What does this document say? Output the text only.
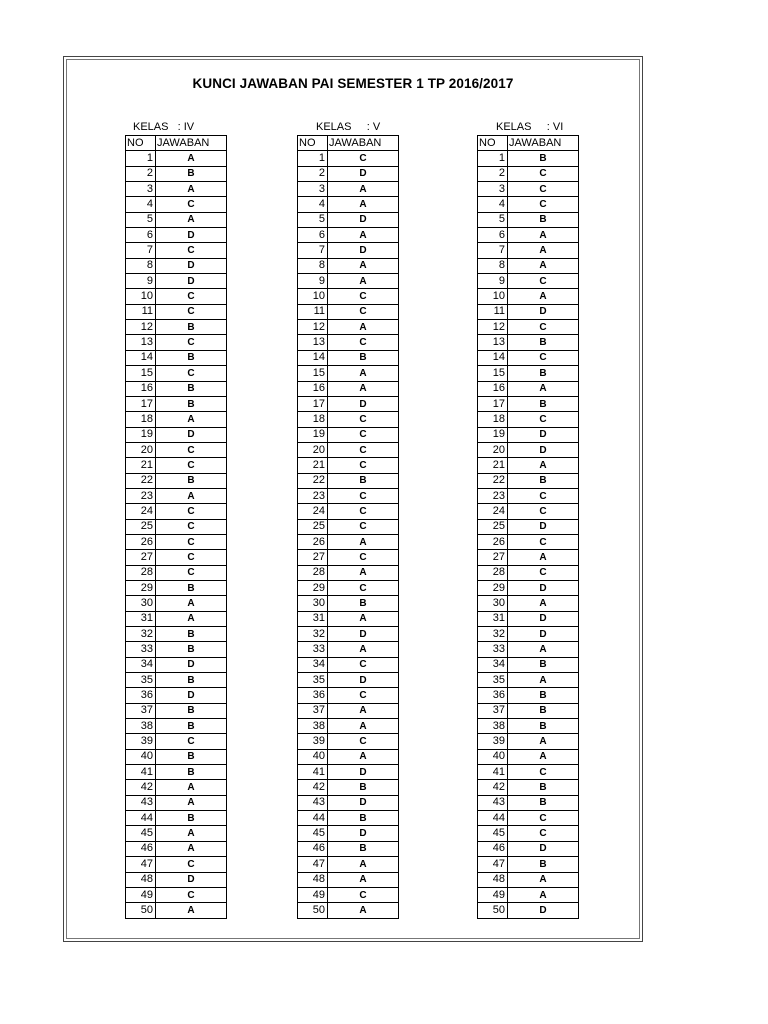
KUNCI JAWABAN PAI SEMESTER 1 TP 2016/2017
KELAS   : IV	KELAS     : V	KELAS     : VI
NO	JAWABAN
1	A
2	B
3	A
4	C
5	A
6	D
7	C
8	D
9	D
10	C
11	C
12	B
13	C
14	B
15	C
16	B
17	B
18	A
19	D
20	C
21	C
22	B
23	A
24	C
25	C
26	C
27	C
28	C
29	B
30	A
31	A
32	B
33	B
34	D
35	B
36	D
37	B
38	B
39	C
40	B
41	B
42	A
43	A
44	B
45	A
46	A
47	C
48	D
49	C
50	A
NO	JAWABAN
1	C
2	D
3	A
4	A
5	D
6	A
7	D
8	A
9	A
10	C
11	C
12	A
13	C
14	B
15	A
16	A
17	D
18	C
19	C
20	C
21	C
22	B
23	C
24	C
25	C
26	A
27	C
28	A
29	C
30	B
31	A
32	D
33	A
34	C
35	D
36	C
37	A
38	A
39	C
40	A
41	D
42	B
43	D
44	B
45	D
46	B
47	A
48	A
49	C
50	A
NO	JAWABAN
1	B
2	C
3	C
4	C
5	B
6	A
7	A
8	A
9	C
10	A
11	D
12	C
13	B
14	C
15	B
16	A
17	B
18	C
19	D
20	D
21	A
22	B
23	C
24	C
25	D
26	C
27	A
28	C
29	D
30	A
31	D
32	D
33	A
34	B
35	A
36	B
37	B
38	B
39	A
40	A
41	C
42	B
43	B
44	C
45	C
46	D
47	B
48	A
49	A
50	D
